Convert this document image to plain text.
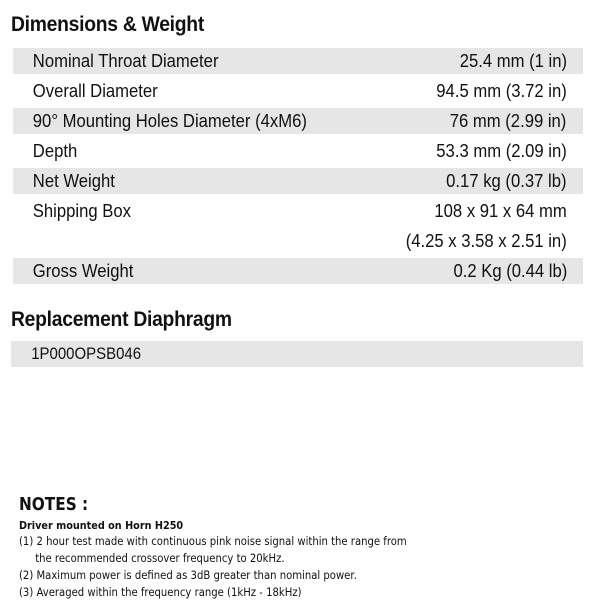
Dimensions & Weight
Nominal Throat Diameter	25.4 mm (1 in)
Overall Diameter	94.5 mm (3.72 in)
90° Mounting Holes Diameter (4xM6)	76 mm (2.99 in)
Depth	53.3 mm (2.09 in)
Net Weight	0.17 kg (0.37 lb)
Shipping Box	108 x 91 x 64 mm
(4.25 x 3.58 x 2.51 in)
Gross Weight	0.2 Kg (0.44 lb)
Replacement Diaphragm
1P000OPSB046
NOTES :
Driver mounted on Horn H250
(1) 2 hour test made with continuous pink noise signal within the range from
the recommended crossover frequency to 20kHz.
(2) Maximum power is defined as 3dB greater than nominal power.
(3) Averaged within the frequency range (1kHz - 18kHz)
